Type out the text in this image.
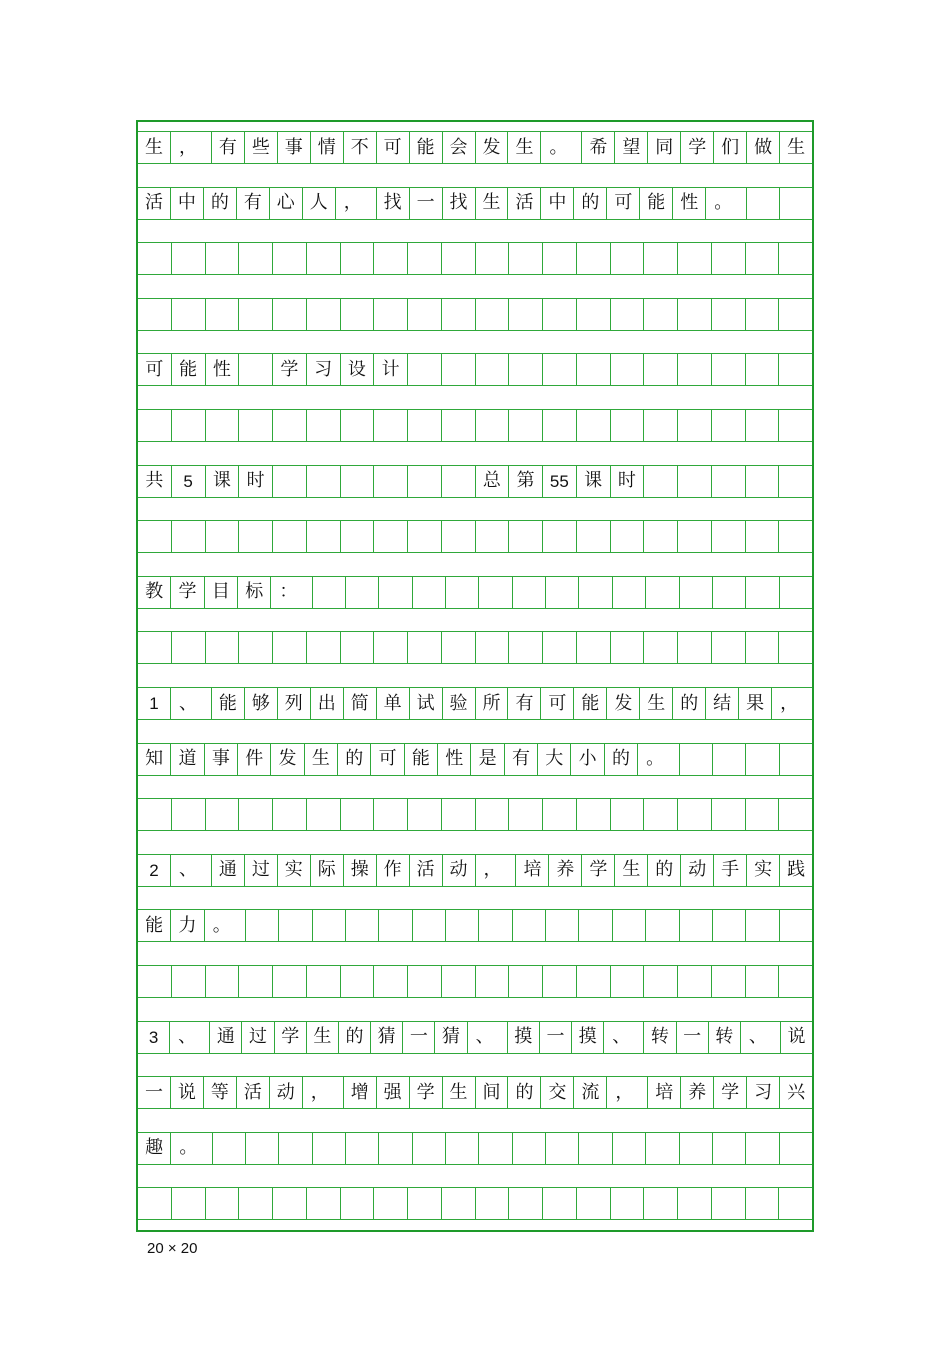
生 ，	有 些 事 情 不 可 能 会 发 生 。	希 望 同 学 们 做 生
活 中 的 有 心 人 ，	找 一 找 生 活 中 的 可 能 性 。
可 能 性	学 习 设 计
共	5	课 时	总 第 55 课 时
教 学 目 标 ：
1	、	能 够 列 出 简 单 试 验 所 有 可 能 发 生 的 结 果 ，
知 道 事 件 发 生 的 可 能 性 是 有 大 小 的 。
2	、	通 过 实 际 操 作 活 动 ，	培 养 学 生 的 动 手 实 践
能 力 。
3	、	通 过 学 生 的 猜 一 猜 、	摸 一 摸 、	转 一 转 、	说
一 说 等 活 动 ，	增 强 学 生 间 的 交 流 ，	培 养 学 习 兴
趣 。
20 × 20
